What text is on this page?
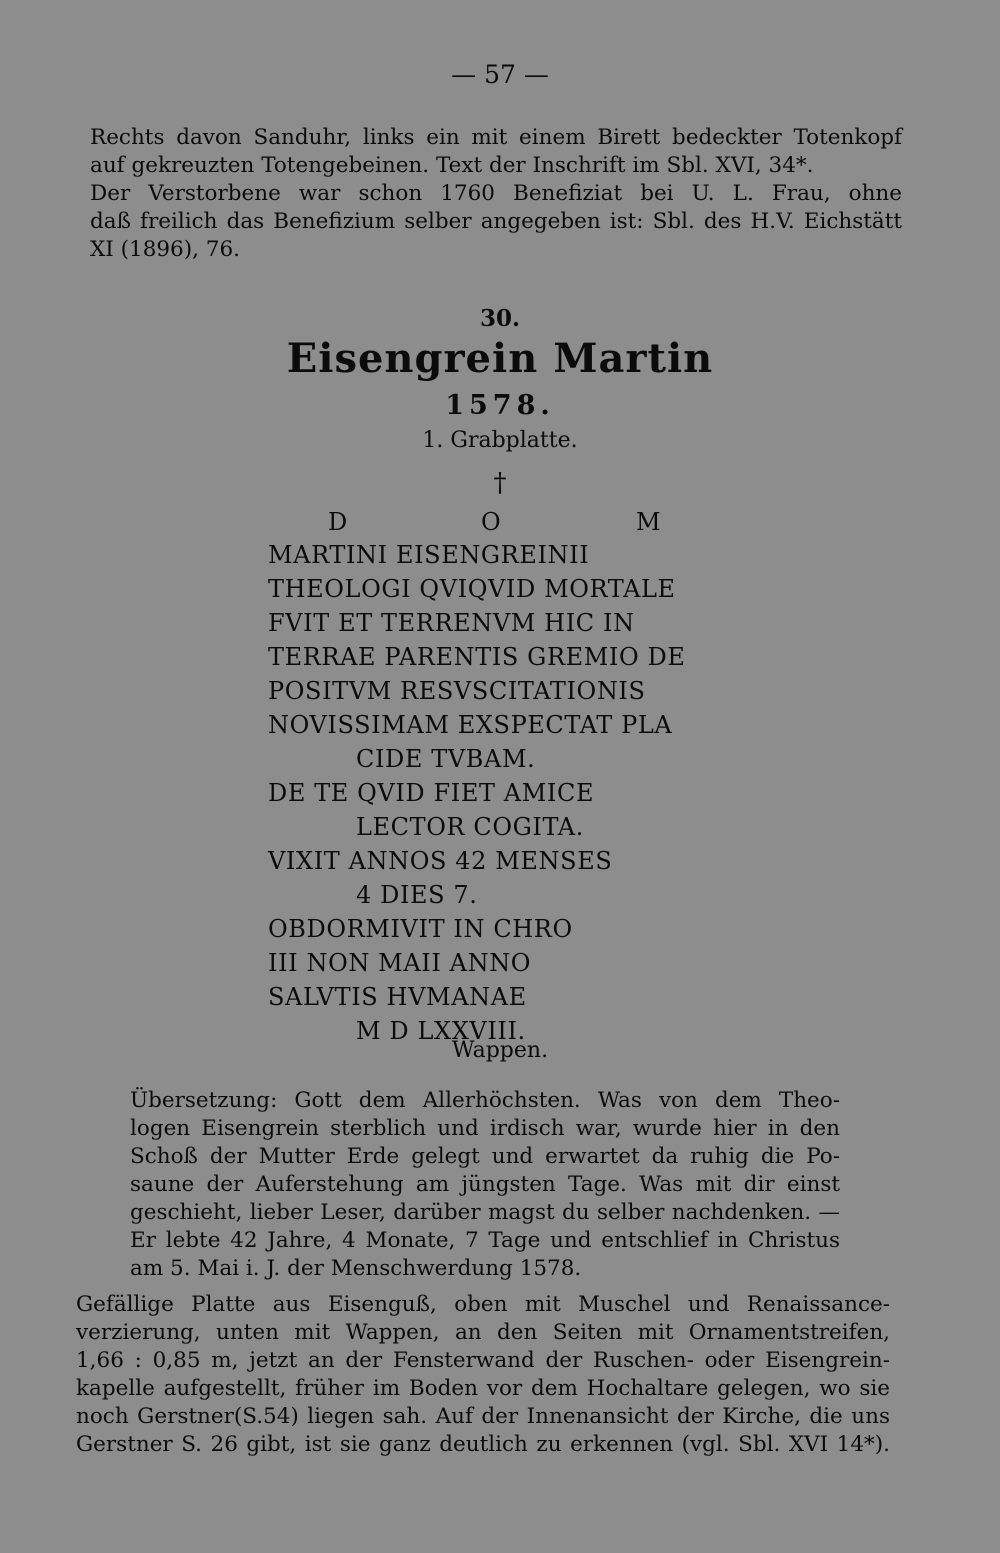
— 57 —
Rechts davon Sanduhr, links ein mit einem Birett bedeckter Totenkopf
auf gekreuzten Totengebeinen. Text der Inschrift im Sbl. XVI, 34*.
Der Verstorbene war schon 1760 Benefiziat bei U. L. Frau, ohne
daß freilich das Benefizium selber angegeben ist: Sbl. des H.V. Eichstätt
XI (1896), 76.
30.
Eisengrein Martin
1578.
1. Grabplatte.
†
D	O	M
MARTINI EISENGREINII
THEOLOGI QVIQVID MORTALE
FVIT ET TERRENVM HIC IN
TERRAE PARENTIS GREMIO DE
POSITVM RESVSCITATIONIS
NOVISSIMAM EXSPECTAT PLA
CIDE TVBAM.
DE TE QVID FIET AMICE
LECTOR COGITA.
VIXIT ANNOS 42 MENSES
4 DIES 7.
OBDORMIVIT IN CHRO
III NON MAII ANNO
SALVTIS HVMANAE
M D LXXVIII.
Wappen.
Übersetzung: Gott dem Allerhöchsten. Was von dem Theo-
logen Eisengrein sterblich und irdisch war, wurde hier in den
Schoß der Mutter Erde gelegt und erwartet da ruhig die Po-
saune der Auferstehung am jüngsten Tage. Was mit dir einst
geschieht, lieber Leser, darüber magst du selber nachdenken. —
Er lebte 42 Jahre, 4 Monate, 7 Tage und entschlief in Christus
am 5. Mai i. J. der Menschwerdung 1578.
Gefällige Platte aus Eisenguß, oben mit Muschel und Renaissance-
verzierung, unten mit Wappen, an den Seiten mit Ornamentstreifen,
1,66 : 0,85 m, jetzt an der Fensterwand der Ruschen- oder Eisengrein-
kapelle aufgestellt, früher im Boden vor dem Hochaltare gelegen, wo sie
noch Gerstner(S.54) liegen sah. Auf der Innenansicht der Kirche, die uns
Gerstner S. 26 gibt, ist sie ganz deutlich zu erkennen (vgl. Sbl. XVI 14*).
